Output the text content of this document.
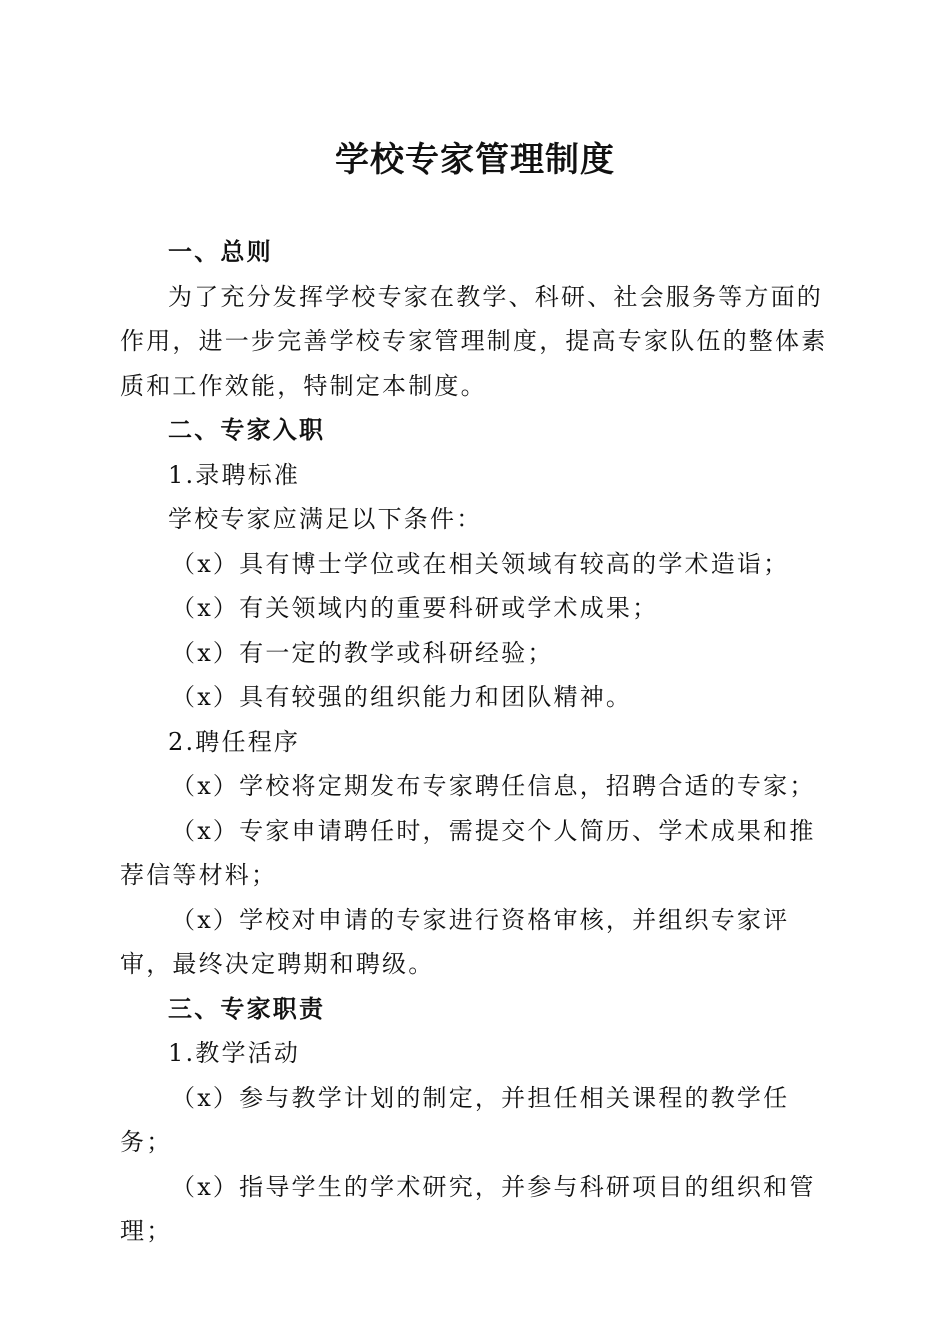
学校专家管理制度

一、总则

为了充分发挥学校专家在教学、科研、社会服务等方面的作用，进一步完善学校专家管理制度，提高专家队伍的整体素质和工作效能，特制定本制度。

二、专家入职

1.录聘标准

学校专家应满足以下条件：

（x）具有博士学位或在相关领域有较高的学术造诣；

（x）有关领域内的重要科研或学术成果；

（x）有一定的教学或科研经验；

（x）具有较强的组织能力和团队精神。

2.聘任程序

（x）学校将定期发布专家聘任信息，招聘合适的专家；

（x）专家申请聘任时，需提交个人简历、学术成果和推荐信等材料；

（x）学校对申请的专家进行资格审核，并组织专家评审，最终决定聘期和聘级。

三、专家职责

1.教学活动

（x）参与教学计划的制定，并担任相关课程的教学任务；

（x）指导学生的学术研究，并参与科研项目的组织和管理；
